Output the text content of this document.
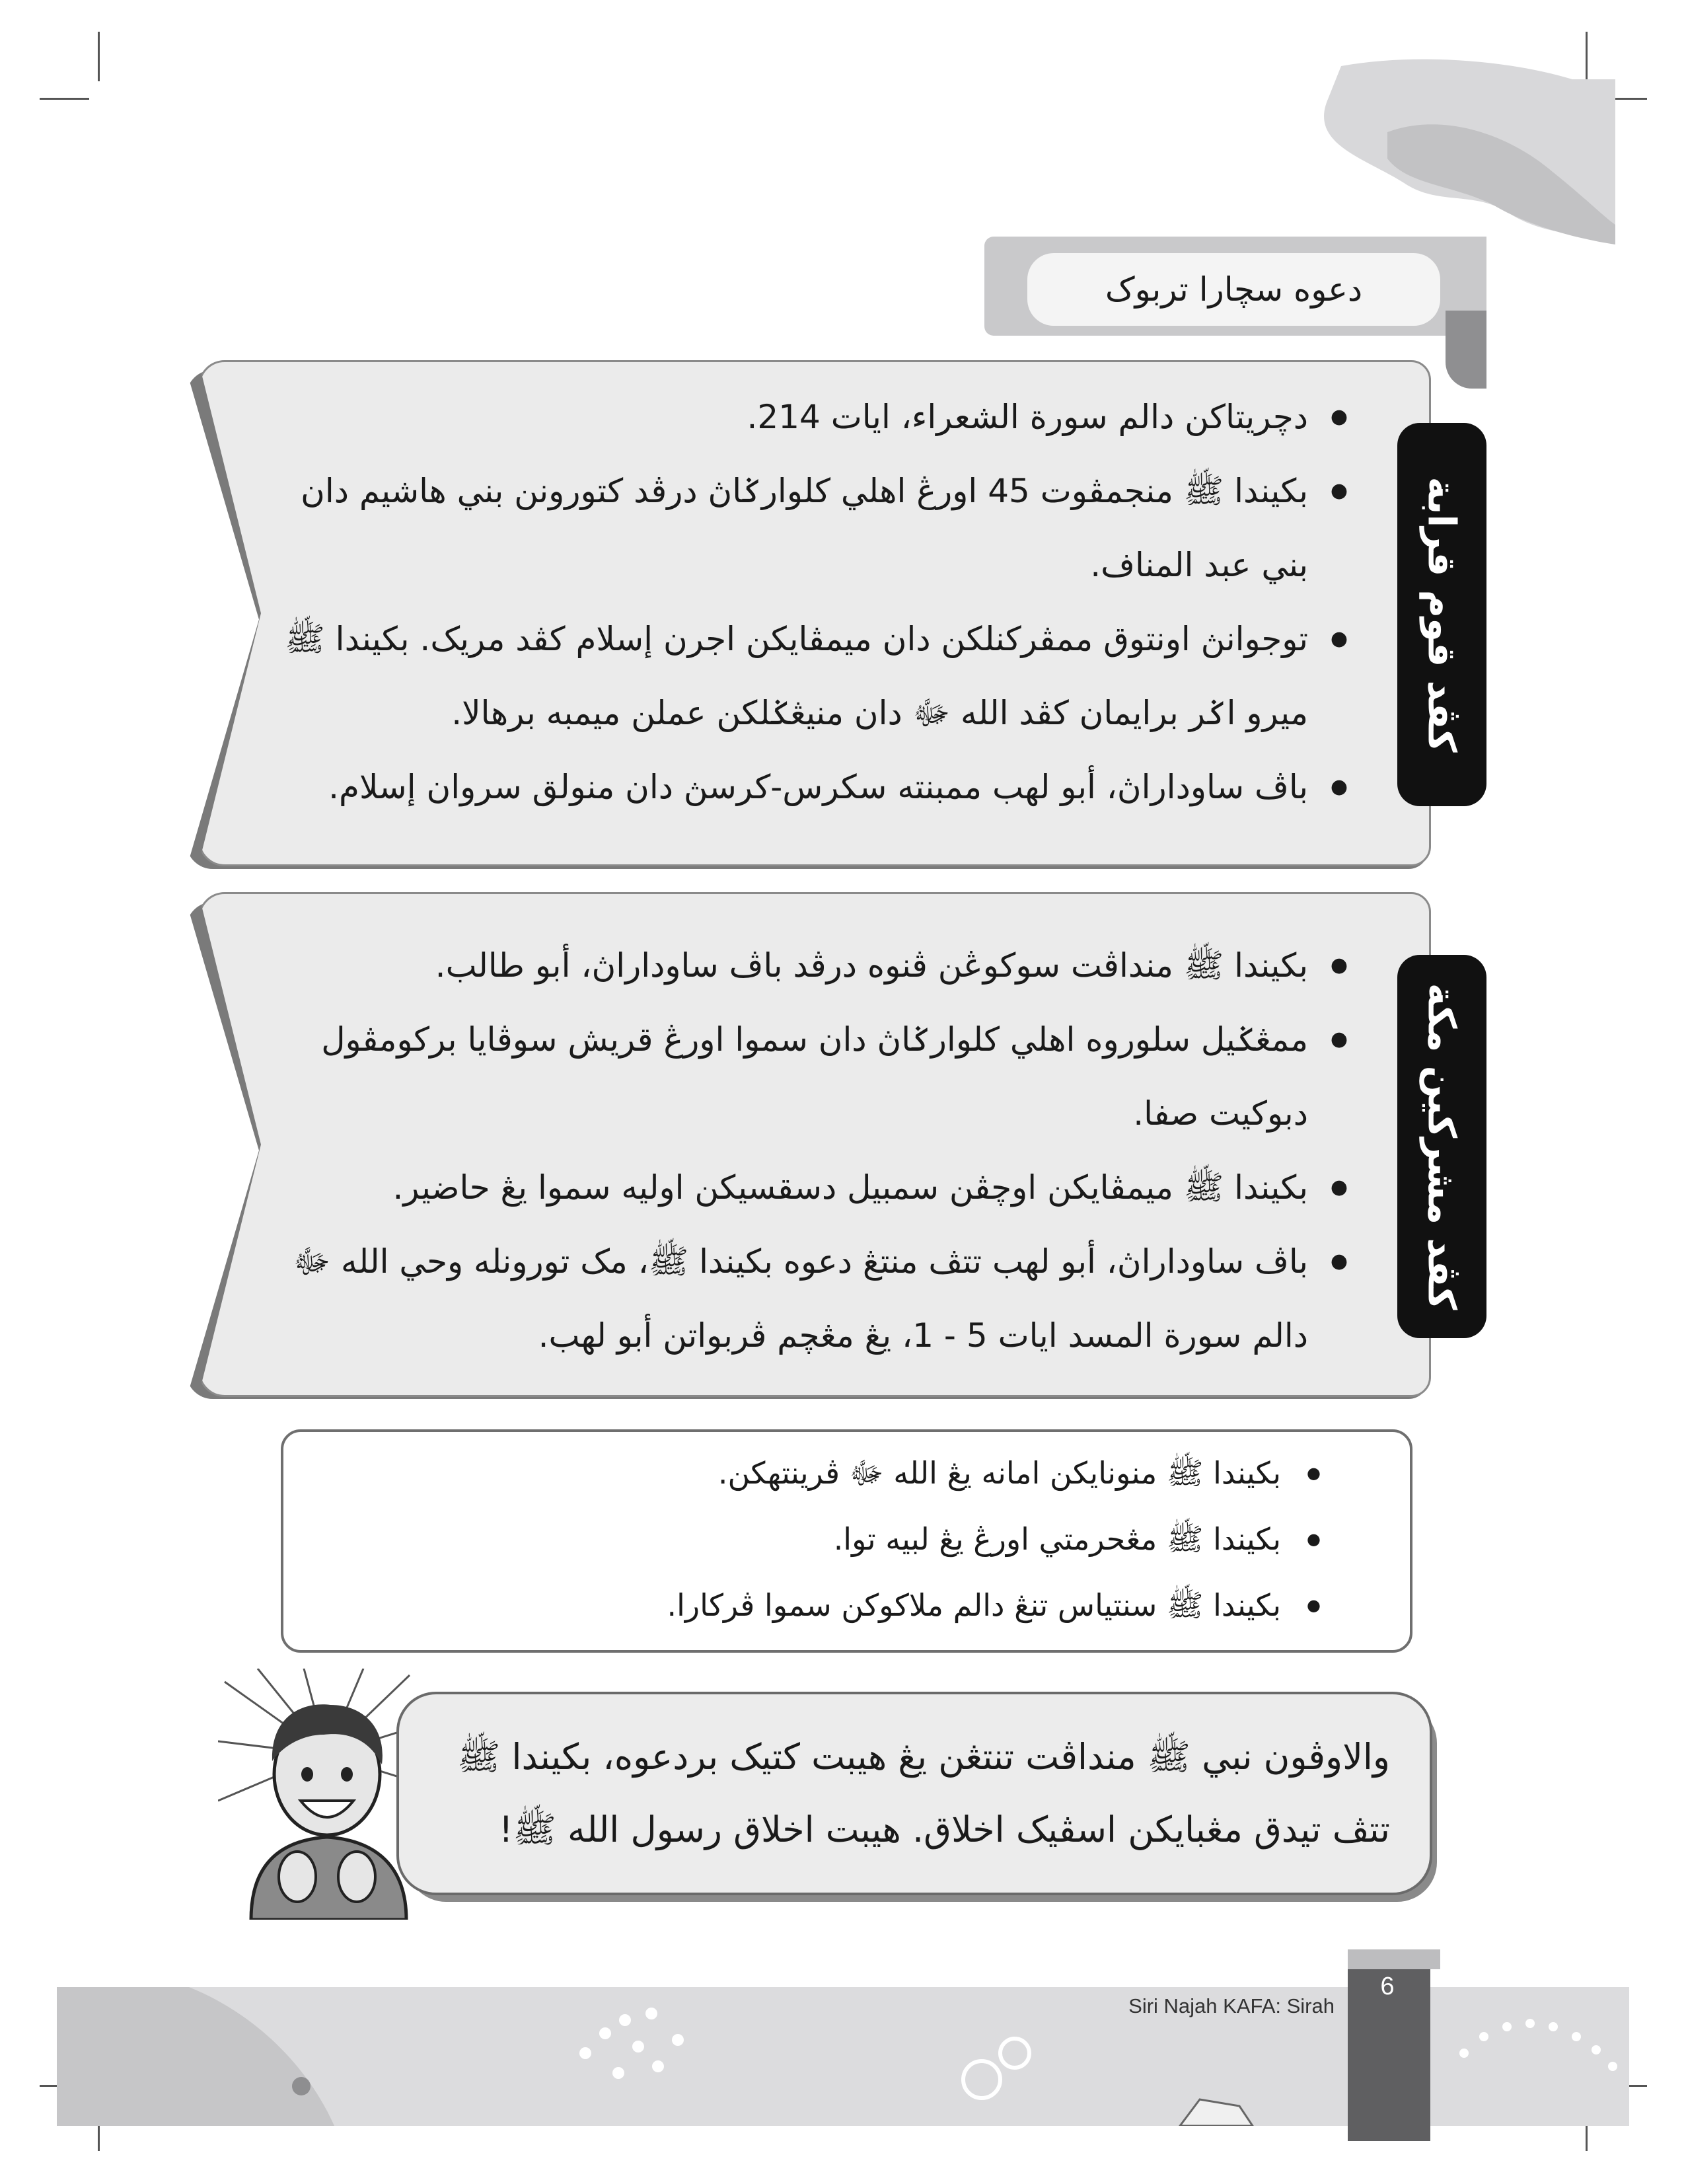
دعوه سچارا تربوک
● دچريتاکن دالم سورة الشعراء، ايات 214.
● بکيندا ﷺ منجمڤوت 45 اورڠ اهلي کلوارݢاڽ درڤد کتورونن بني هاشيم دان بني عبد المناف.
● توجوانڽ اونتوق ممڤرکنلکن دان ميمڤايکن اجرن إسلام کڤد مريک. بکيندا ﷺ ميرو اݢر برايمان کڤد الله ﷻ دان منيڠݢلکن عملن ميمبه برهالا.
● باڤ ساوداراڽ، أبو لهب ممبنته سکرس-کرسڽ دان منولق سروان إسلام.
كڤد قوم قرابة
● بکيندا ﷺ منداڤت سوکوڠن ڤنوه درڤد باڤ ساوداراڽ، أبو طالب.
● ممڠݢيل سلوروه اهلي کلوارݢاڽ دان سموا اورڠ قريش سوڤايا برکومڤول دبوکيت صفا.
● بکيندا ﷺ ميمڤايکن اوچڤن سمبيل دسقسيکن اوليه سموا يڠ حاضير.
● باڤ ساوداراڽ، أبو لهب تتڤ منتڠ دعوه بکيندا ﷺ، مک تورونله وحي الله ﷻ دالم سورة المسد ايات 5 - 1، يڠ مڠچم ڤربواتن أبو لهب.
كڤد مشرکين مکة
اخلاق بکيندا ﷺ کتيک بردعوه
● بکيندا ﷺ منونايکن امانه يڠ الله ﷻ ڤرينتهکن.
● بکيندا ﷺ مڠحرمتي اورڠ يڠ لبيه توا.
● بکيندا ﷺ سنتياس تنڠ دالم ملاکوکن سموا ڤرکارا.
والاوڤون نبي ﷺ منداڤت تنتڠن يڠ هيبت کتيک بردعوه، بکيندا ﷺ تتڤ تيدق مڠبايکن اسڤيک اخلاق. هيبت اخلاق رسول الله ﷺ!
6
Siri Najah KAFA: Sirah
